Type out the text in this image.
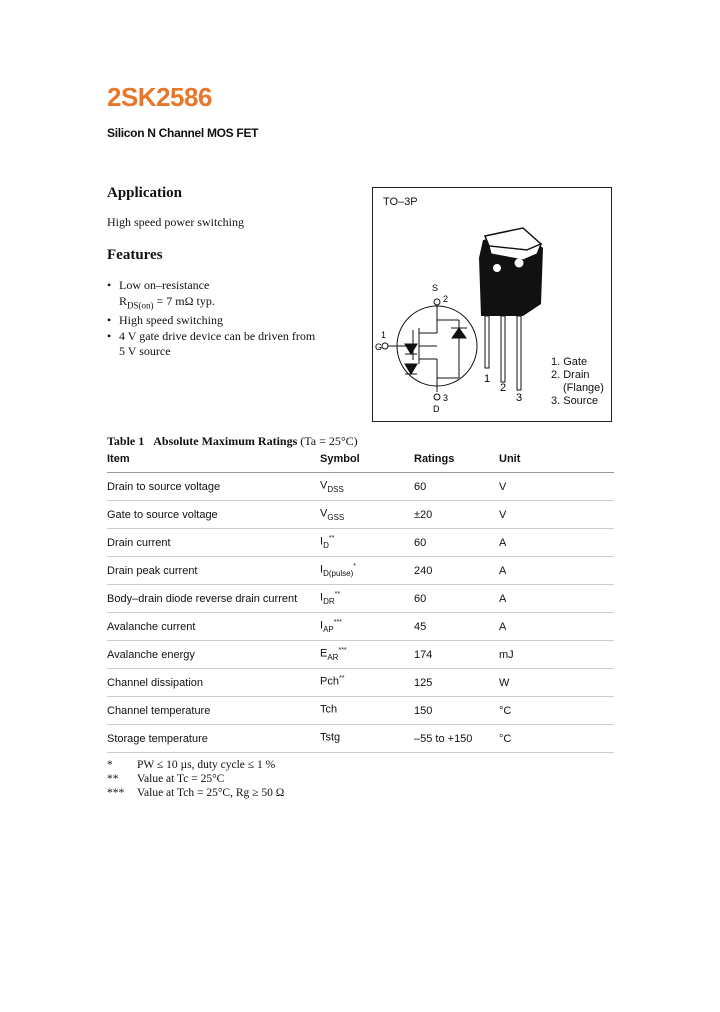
2SK2586
Silicon N Channel MOS FET
Application
High speed power switching
Features
• Low on–resistance
$R_{DS(on)} = 7$ mΩ typ.
• High speed switching
• 4 V gate drive device can be driven from
5 V source
1
2
3
S
2
1
G
3
D
TO–3P
1. Gate
2. Drain
(Flange)
3. Source
Table 1 Absolute Maximum Ratings (Ta = 25°C)
Item	Symbol	Ratings	Unit
Drain to source voltage	$V_{DSS}$	60	V
Gate to source voltage	$V_{GSS}$	±20	V
Drain current	$I_D^{**}$	60	A
Drain peak current	$I_{D(pulse)}^*$	240	A
Body–drain diode reverse drain current	$I_{DR}^{**}$	60	A
Avalanche current	$I_{AP}^{***}$	45	A
Avalanche energy	$E_{AR}^{***}$	174	mJ
Channel dissipation	Pch**	125	W
Channel temperature	Tch	150	°C
Storage temperature	Tstg	–55 to +150	°C
*	PW ≤ 10 µs, duty cycle ≤ 1 %
**	Value at Tc = 25°C
***	Value at Tch = 25°C, Rg ≥ 50 Ω
